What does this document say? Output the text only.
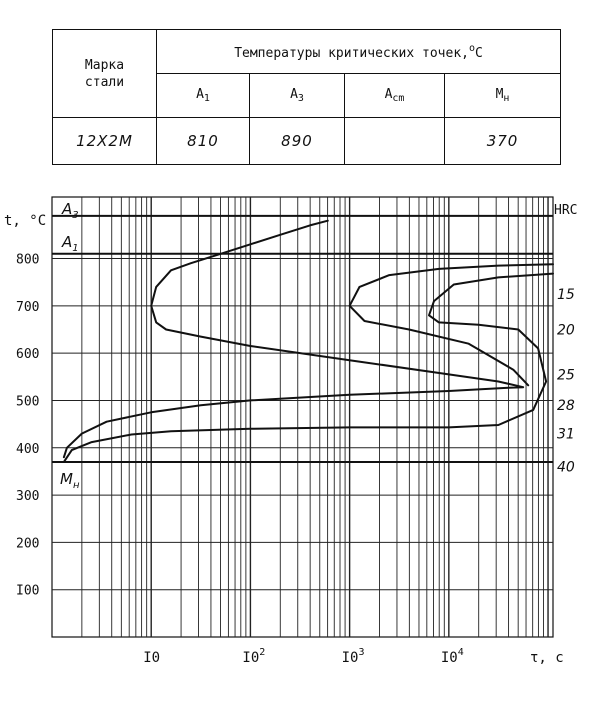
Марка стали	Температуры критических точек,$^о$С			
	$А_1$	$А_3$	$А_{cm}$	$М_н$
12Х2М	810	890		370
I00
200
300
400
500
600
700
800
I0	$I0^2$	$I0^3$	$I0^4$
t, °C
τ, с
HRC
$A_3$
$A_1$
$M_н$
15
20
25
28
31
40
